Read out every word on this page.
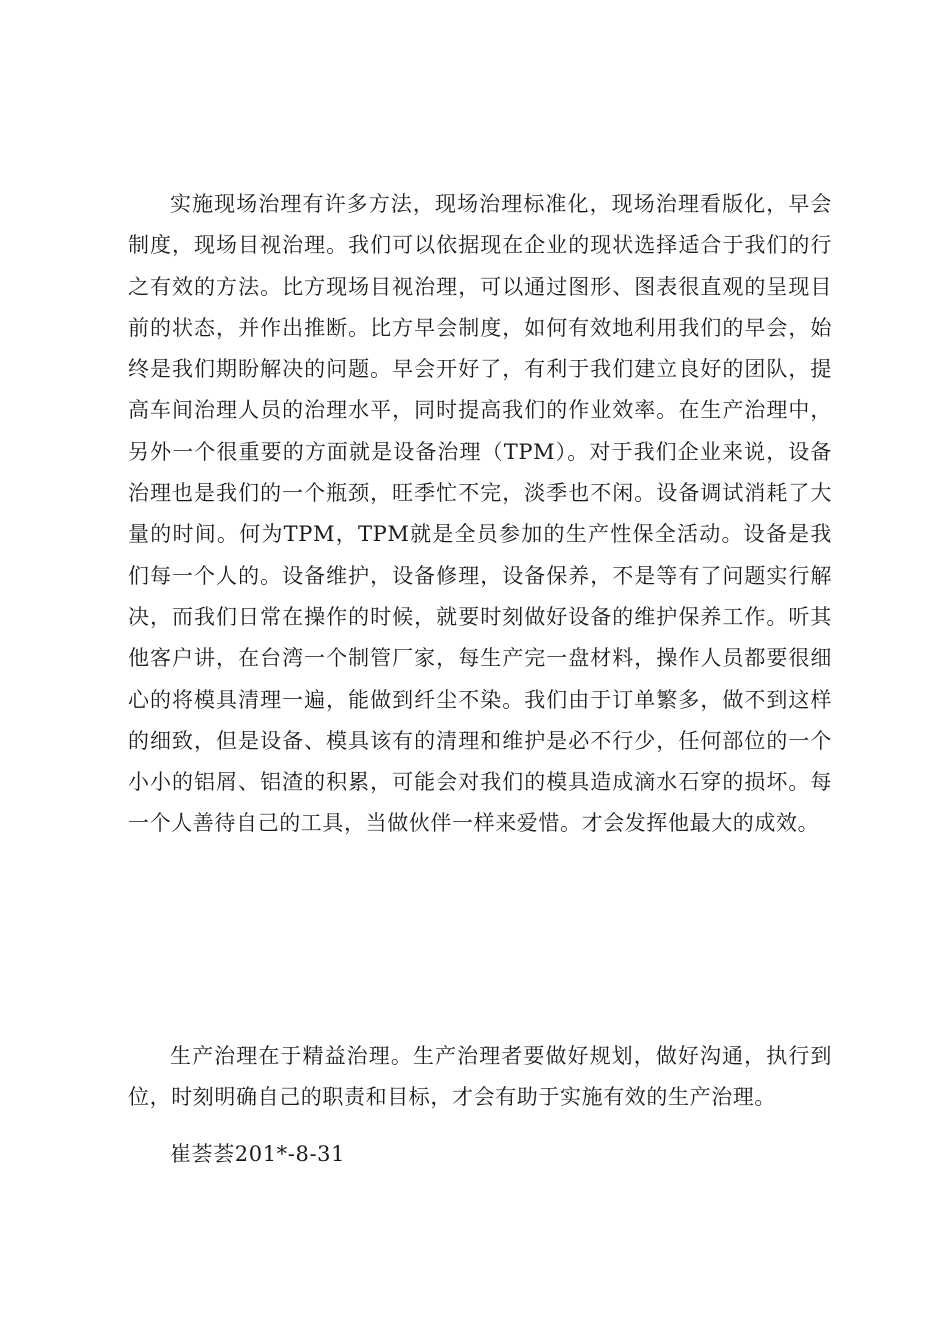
实施现场治理有许多方法，现场治理标准化，现场治理看版化，早会制度，现场目视治理。我们可以依据现在企业的现状选择适合于我们的行之有效的方法。比方现场目视治理，可以通过图形、图表很直观的呈现目前的状态，并作出推断。比方早会制度，如何有效地利用我们的早会，始终是我们期盼解决的问题。早会开好了，有利于我们建立良好的团队，提高车间治理人员的治理水平，同时提高我们的作业效率。在生产治理中，另外一个很重要的方面就是设备治理（TPM）。对于我们企业来说，设备治理也是我们的一个瓶颈，旺季忙不完，淡季也不闲。设备调试消耗了大量的时间。何为TPM，TPM就是全员参加的生产性保全活动。设备是我们每一个人的。设备维护，设备修理，设备保养，不是等有了问题实行解决，而我们日常在操作的时候，就要时刻做好设备的维护保养工作。听其他客户讲，在台湾一个制管厂家，每生产完一盘材料，操作人员都要很细心的将模具清理一遍，能做到纤尘不染。我们由于订单繁多，做不到这样的细致，但是设备、模具该有的清理和维护是必不行少，任何部位的一个小小的铝屑、铝渣的积累，可能会对我们的模具造成滴水石穿的损坏。每一个人善待自己的工具，当做伙伴一样来爱惜。才会发挥他最大的成效。

生产治理在于精益治理。生产治理者要做好规划，做好沟通，执行到位，时刻明确自己的职责和目标，才会有助于实施有效的生产治理。

崔荟荟201*-8-31
